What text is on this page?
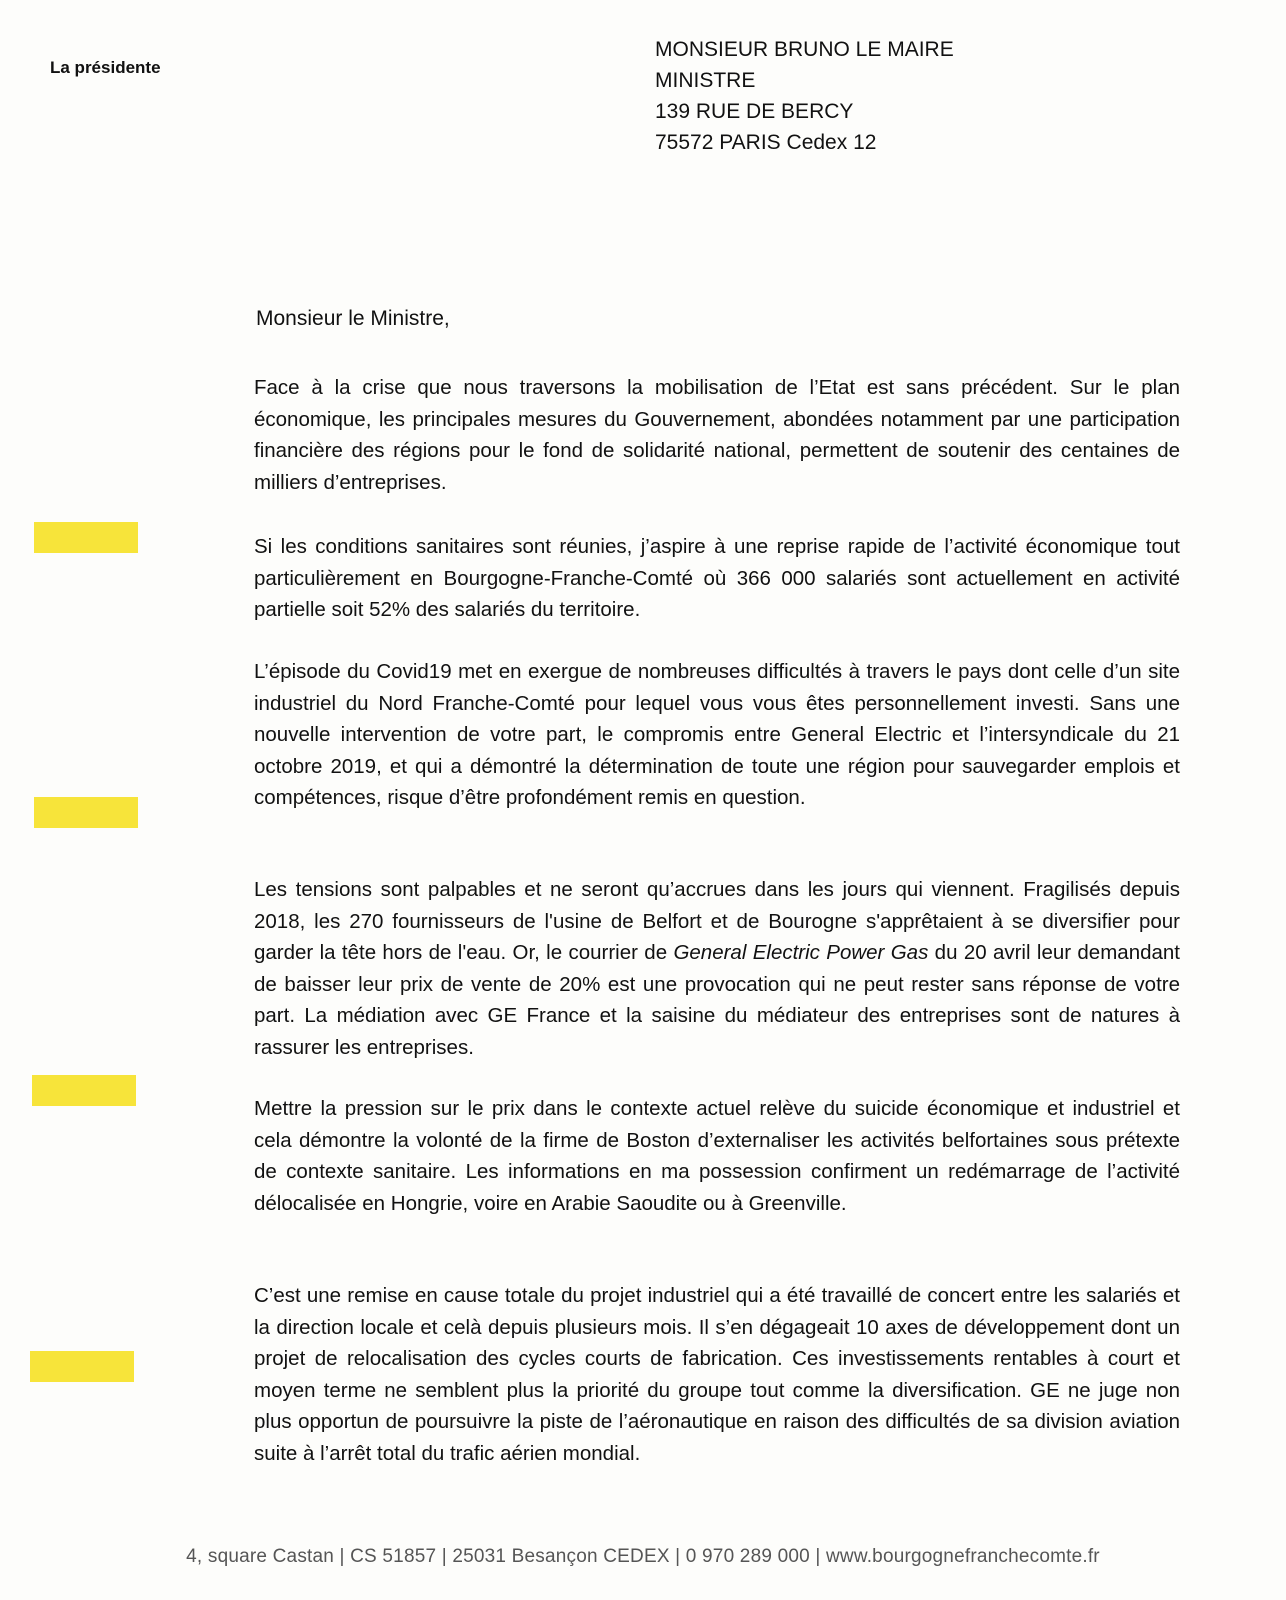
La présidente
MONSIEUR BRUNO LE MAIRE
MINISTRE
139 RUE DE BERCY
75572 PARIS Cedex 12
Monsieur le Ministre,

Face à la crise que nous traversons la mobilisation de l’Etat est sans précédent. Sur le plan économique, les principales mesures du Gouvernement, abondées notamment par une participation financière des régions pour le fond de solidarité national, permettent de soutenir des centaines de milliers d’entreprises.

Si les conditions sanitaires sont réunies, j’aspire à une reprise rapide de l’activité économique tout particulièrement en Bourgogne-Franche-Comté où 366 000 salariés sont actuellement en activité partielle soit 52% des salariés du territoire.

L’épisode du Covid19 met en exergue de nombreuses difficultés à travers le pays dont celle d’un site industriel du Nord Franche-Comté pour lequel vous vous êtes personnellement investi. Sans une nouvelle intervention de votre part, le compromis entre General Electric et l’intersyndicale du 21 octobre 2019, et qui a démontré la détermination de toute une région pour sauvegarder emplois et compétences, risque d’être profondément remis en question.

Les tensions sont palpables et ne seront qu’accrues dans les jours qui viennent. Fragilisés depuis 2018, les 270 fournisseurs de l'usine de Belfort et de Bourogne s'apprêtaient à se diversifier pour garder la tête hors de l'eau. Or, le courrier de General Electric Power Gas du 20 avril leur demandant de baisser leur prix de vente de 20% est une provocation qui ne peut rester sans réponse de votre part. La médiation avec GE France et la saisine du médiateur des entreprises sont de natures à rassurer les entreprises.

Mettre la pression sur le prix dans le contexte actuel relève du suicide économique et industriel et cela démontre la volonté de la firme de Boston d’externaliser les activités belfortaines sous prétexte de contexte sanitaire. Les informations en ma possession confirment un redémarrage de l’activité délocalisée en Hongrie, voire en Arabie Saoudite ou à Greenville.

C’est une remise en cause totale du projet industriel qui a été travaillé de concert entre les salariés et la direction locale et celà depuis plusieurs mois. Il s’en dégageait 10 axes de développement dont un projet de relocalisation des cycles courts de fabrication. Ces investissements rentables à court et moyen terme ne semblent plus la priorité du groupe tout comme la diversification. GE ne juge non plus opportun de poursuivre la piste de l’aéronautique en raison des difficultés de sa division aviation suite à l’arrêt total du trafic aérien mondial.

4, square Castan | CS 51857 | 25031 Besançon CEDEX | 0 970 289 000 | www.bourgognefranchecomte.fr
